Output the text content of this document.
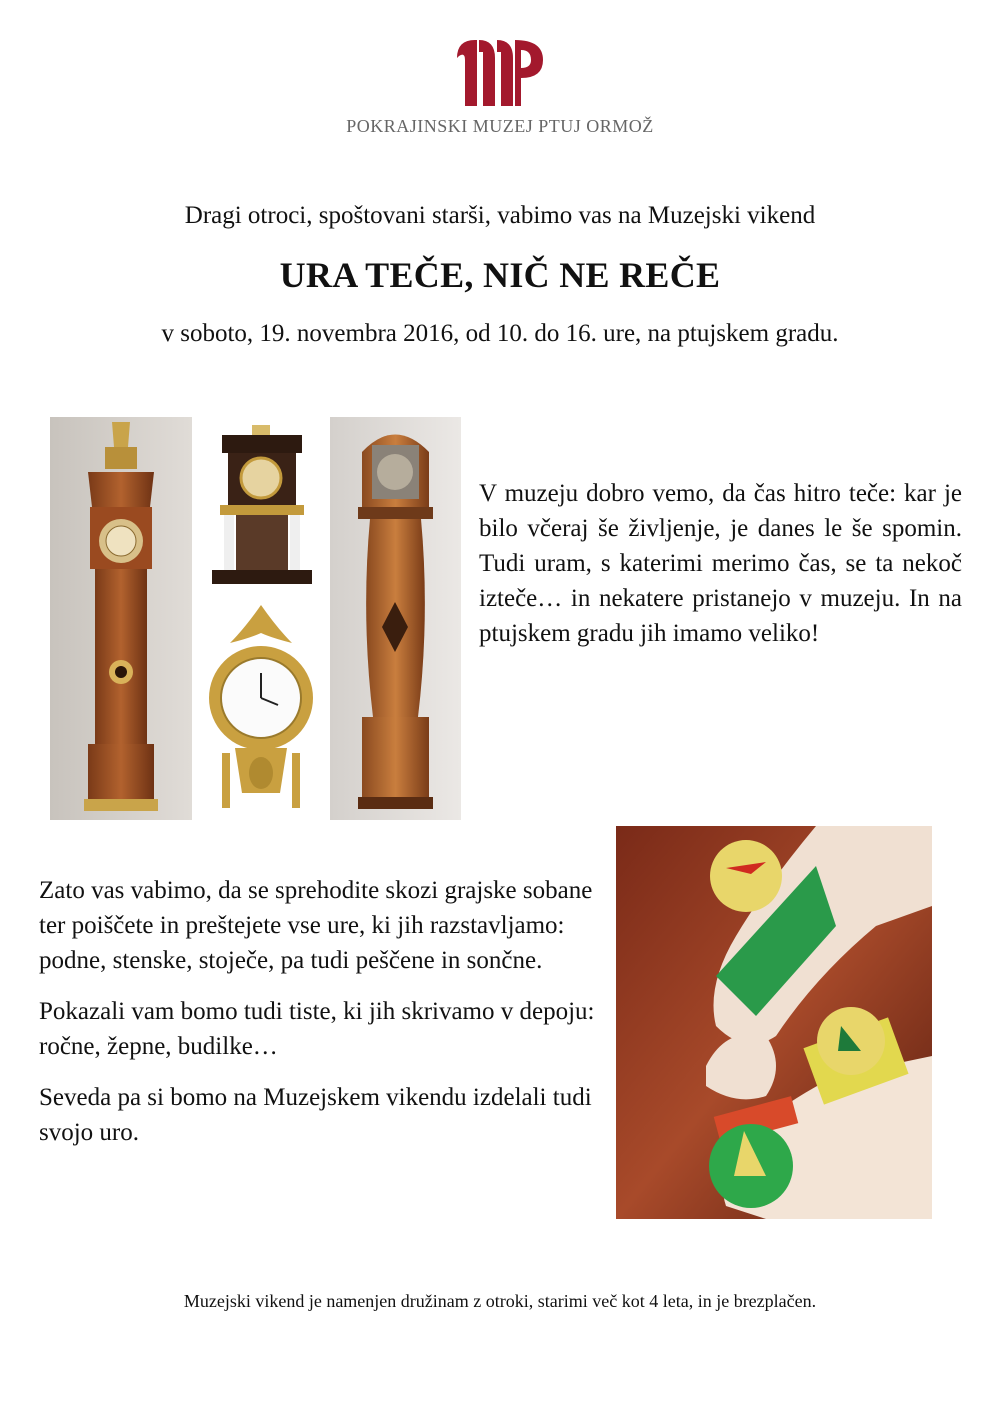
POKRAJINSKI MUZEJ PTUJ ORMOŽ
Dragi otroci, spoštovani starši, vabimo vas na Muzejski vikend
URA TEČE, NIČ NE REČE
v soboto, 19. novembra 2016, od 10. do 16. ure, na ptujskem gradu.

V muzeju dobro vemo, da čas hitro teče: kar je bilo včeraj še življenje, je danes le še spomin. Tudi uram, s katerimi merimo čas, se ta nekoč izteče… in nekatere pristanejo v muzeju. In na ptujskem gradu jih imamo veliko!

Zato vas vabimo, da se sprehodite skozi grajske sobane ter poiščete in preštejete vse ure, ki jih razstavljamo: podne, stenske, stoječe, pa tudi peščene in sončne.

Pokazali vam bomo tudi tiste, ki jih skrivamo v depoju: ročne, žepne, budilke…

Seveda pa si bomo na Muzejskem vikendu izdelali tudi svojo uro.

Muzejski vikend je namenjen družinam z otroki, starimi več kot 4 leta, in je brezplačen.
